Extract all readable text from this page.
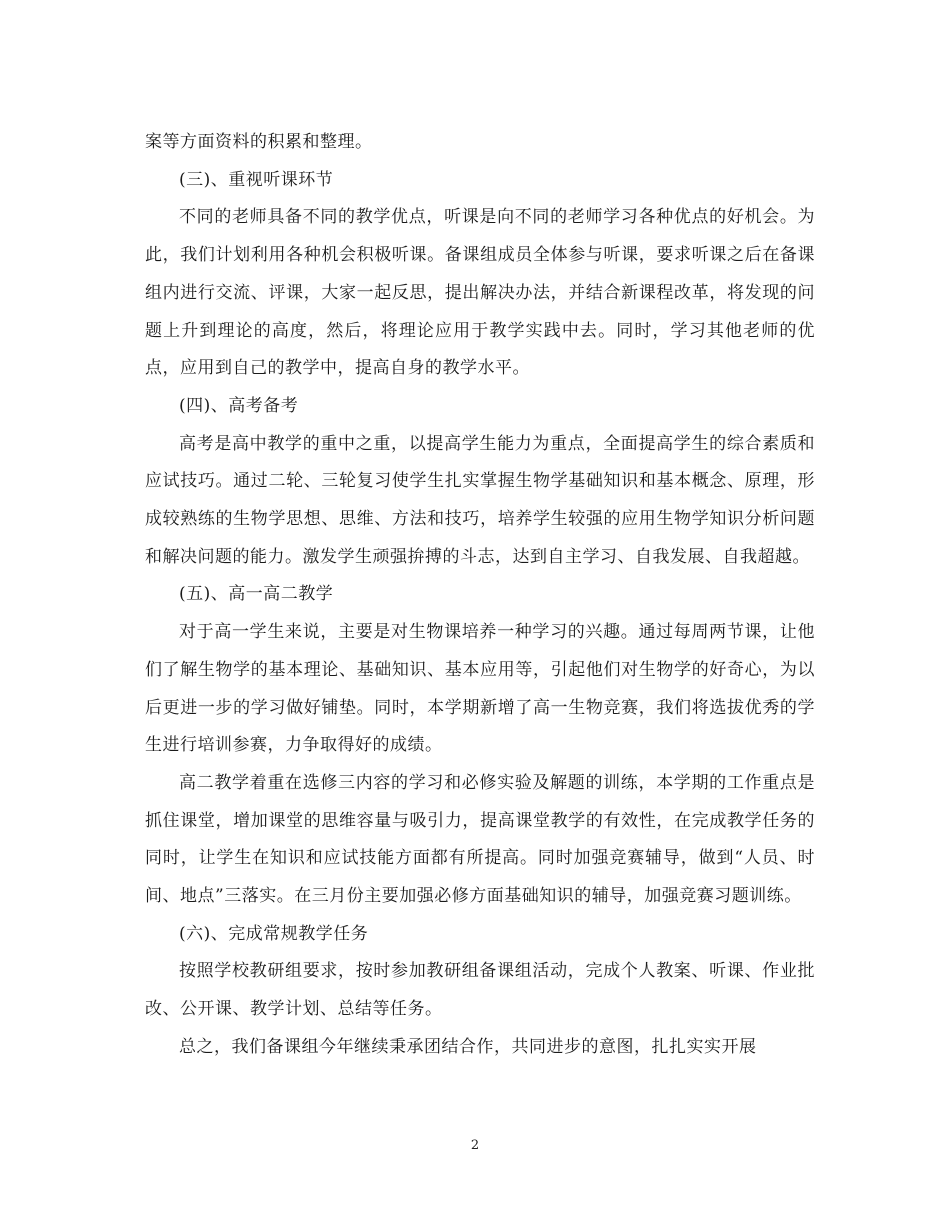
案等方面资料的积累和整理。

(三)、重视听课环节

不同的老师具备不同的教学优点，听课是向不同的老师学习各种优点的好机会。为此，我们计划利用各种机会积极听课。备课组成员全体参与听课，要求听课之后在备课组内进行交流、评课，大家一起反思，提出解决办法，并结合新课程改革，将发现的问题上升到理论的高度，然后，将理论应用于教学实践中去。同时，学习其他老师的优点，应用到自己的教学中，提高自身的教学水平。

(四)、高考备考

高考是高中教学的重中之重，以提高学生能力为重点，全面提高学生的综合素质和应试技巧。通过二轮、三轮复习使学生扎实掌握生物学基础知识和基本概念、原理，形成较熟练的生物学思想、思维、方法和技巧，培养学生较强的应用生物学知识分析问题和解决问题的能力。激发学生顽强拚搏的斗志，达到自主学习、自我发展、自我超越。

(五)、高一高二教学

对于高一学生来说，主要是对生物课培养一种学习的兴趣。通过每周两节课，让他们了解生物学的基本理论、基础知识、基本应用等，引起他们对生物学的好奇心，为以后更进一步的学习做好铺垫。同时，本学期新增了高一生物竞赛，我们将选拔优秀的学生进行培训参赛，力争取得好的成绩。

高二教学着重在选修三内容的学习和必修实验及解题的训练，本学期的工作重点是抓住课堂，增加课堂的思维容量与吸引力，提高课堂教学的有效性，在完成教学任务的同时，让学生在知识和应试技能方面都有所提高。同时加强竞赛辅导，做到“人员、时间、地点”三落实。在三月份主要加强必修方面基础知识的辅导，加强竞赛习题训练。

(六)、完成常规教学任务

按照学校教研组要求，按时参加教研组备课组活动，完成个人教案、听课、作业批改、公开课、教学计划、总结等任务。

总之，我们备课组今年继续秉承团结合作，共同进步的意图，扎扎实实开展

2
